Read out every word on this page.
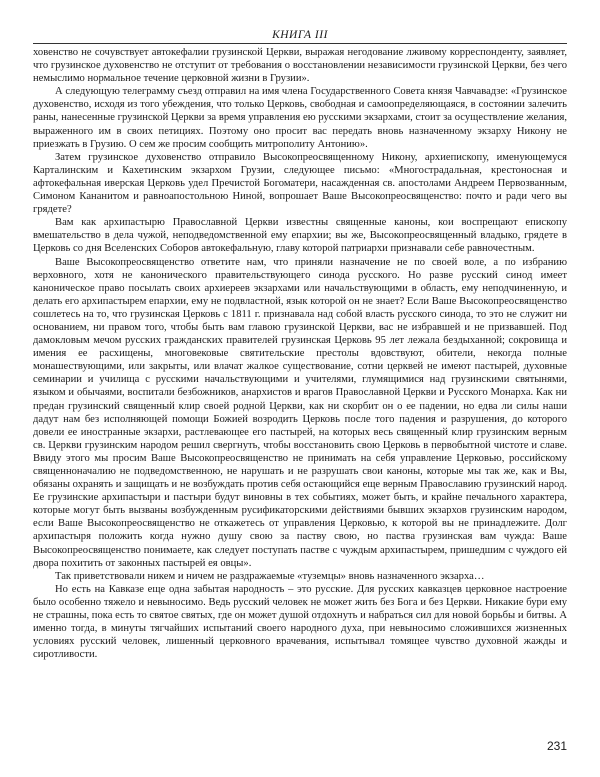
КНИГА III

ховенство не сочувствует автокефалии грузинской Церкви, выражая негодование лживому корреспонденту, заявляет, что грузинское духовенство не отступит от требования о восстановлении независимости грузинской Церкви, без чего немыслимо нормальное течение церковной жизни в Грузии».

А следующую телеграмму съезд отправил на имя члена Государственного Совета князя Чавчавадзе: «Грузинское духовенство, исходя из того убеждения, что только Церковь, свободная и самоопределяющаяся, в состоянии залечить раны, нанесенные грузинской Церкви за время управления ею русскими экзархами, стоит за осуществление желания, выраженного им в своих петициях. Поэтому оно просит вас передать вновь назначенному экзарху Никону не приезжать в Грузию. О сем же просим сообщить митрополиту Антонию».

Затем грузинское духовенство отправило Высокопреосвященному Никону, архиепископу, именующемуся Карталинским и Кахетинским экзархом Грузии, следующее письмо: «Многострадальная, крестоносная и афтокефальная иверская Церковь удел Пречистой Богоматери, насажденная св. апостолами Андреем Первозванным, Симоном Кананитом и равноапостольною Ниной, вопрошает Ваше Высокопреосвященство: почто и ради чего вы грядете?

Вам как архипастырю Православной Церкви известны священные каноны, кои воспрещают епископу вмешательство в дела чужой, неподведомственной ему епархии; вы же, Высокопреосвященный владыко, грядете в Церковь со дня Вселенских Соборов автокефальную, главу которой патриархи признавали себе равночестным.

Ваше Высокопреосвященство ответите нам, что приняли назначение не по своей воле, а по избранию верховного, хотя не канонического правительствующего синода русского. Но разве русский синод имеет каноническое право посылать своих архиереев экзархами или начальствующими в область, ему неподчиненную, и делать его архипастырем епархии, ему не подвластной, язык которой он не знает? Если Ваше Высокопреосвященство сошлетесь на то, что грузинская Церковь с 1811 г. признавала над собой власть русского синода, то это не служит ни основанием, ни правом того, чтобы быть вам главою грузинской Церкви, вас не избравшей и не призвавшей. Под дамокловым мечом русских гражданских правителей грузинская Церковь 95 лет лежала бездыханной; сокровища и имения ее расхищены, многовековые святительские престолы вдовствуют, обители, некогда полные монашествующими, или закрыты, или влачат жалкое существование, сотни церквей не имеют пастырей, духовные семинарии и училища с русскими начальствующими и учителями, глумящимися над грузинскими святынями, языком и обычаями, воспитали безбожников, анархистов и врагов Православной Церкви и Русского Монарха. Как ни предан грузинский священный клир своей родной Церкви, как ни скорбит он о ее падении, но едва ли силы наши дадут нам без исполняющей помощи Божией возродить Церковь после того падения и разрушения, до которого довели ее иностранные экзархи, растлевающее его пастырей, на которых весь священный клир грузинским верным св. Церкви грузинским народом решил свергнуть, чтобы восстановить свою Церковь в первобытной чистоте и славе. Ввиду этого мы просим Ваше Высокопреосвященство не принимать на себя управление Церковью, российскому священноначалию не подведомственною, не нарушать и не разрушать свои каноны, которые мы так же, как и Вы, обязаны охранять и защищать и не возбуждать против себя остающийся еще верным Православию грузинский народ. Ее грузинские архипастыри и пастыри будут виновны в тех событиях, может быть, и крайне печального характера, которые могут быть вызваны возбужденным русификаторскими действиями бывших экзархов грузинским народом, если Ваше Высокопреосвященство не откажетесь от управления Церковью, к которой вы не принадлежите. Долг архипастыря положить когда нужно душу свою за паству свою, но паства грузинская вам чужда: Ваше Высокопреосвященство понимаете, как следует поступать пастве с чуждым архипастырем, пришедшим с чуждого ей двора похитить от законных пастырей ея овцы».

Так приветствовали никем и ничем не раздражаемые «туземцы» вновь назначенного экзарха…

Но есть на Кавказе еще одна забытая народность – это русские. Для русских кавказцев церковное настроение было особенно тяжело и невыносимо. Ведь русский человек не может жить без Бога и без Церкви. Никакие бури ему не страшны, пока есть то святое святых, где он может душой отдохнуть и набраться сил для новой борьбы и битвы. А именно тогда, в минуты тягчайших испытаний своего народного духа, при невыносимо сложившихся жизненных условиях русский человек, лишенный церковного врачевания, испытывал томящее чувство духовной жажды и сиротливости.

231
